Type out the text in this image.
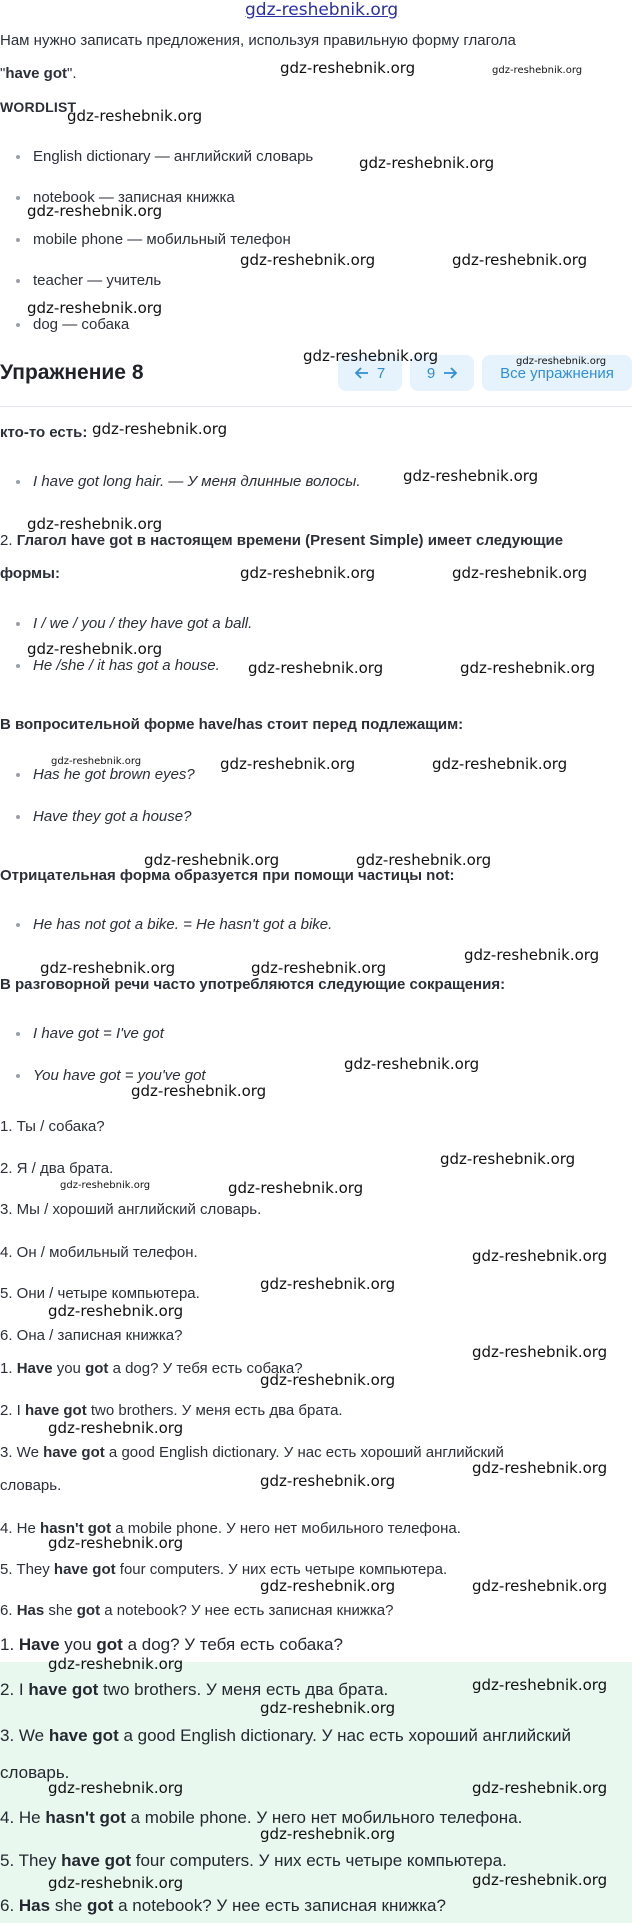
gdz-reshebnik.org
Нам нужно записать предложения, используя правильную форму глагола
"have got".
WORDLIST
English dictionary — английский словарь
notebook — записная книжка
mobile phone — мобильный телефон
teacher — учитель
dog — собака
Упражнение 8	7	9	Все упражнения
кто-то есть:
I have got long hair. — У меня длинные волосы.
2. Глагол have got в настоящем времени (Present Simple) имеет следующие
формы:
I / we / you / they have got a ball.
He /she / it has got a house.
В вопросительной форме have/has стоит перед подлежащим:
Has he got brown eyes?
Have they got a house?
Отрицательная форма образуется при помощи частицы not:
He has not got a bike. = He hasn't got a bike.
В разговорной речи часто употребляются следующие сокращения:
I have got = I've got
You have got = you've got
1. Ты / собака?
2. Я / два брата.
3. Мы / хороший английский словарь.
4. Он / мобильный телефон.
5. Они / четыре компьютера.
6. Она / записная книжка?
1. Have you got a dog? У тебя есть собака?
2. I have got two brothers. У меня есть два брата.
3. We have got a good English dictionary. У нас есть хороший английский
словарь.
4. He hasn't got a mobile phone. У него нет мобильного телефона.
5. They have got four computers. У них есть четыре компьютера.
6. Has she got a notebook? У нее есть записная книжка?
1. Have you got a dog? У тебя есть собака?
2. I have got two brothers. У меня есть два брата.
3. We have got a good English dictionary. У нас есть хороший английский
словарь.
4. He hasn't got a mobile phone. У него нет мобильного телефона.
5. They have got four computers. У них есть четыре компьютера.
6. Has she got a notebook? У нее есть записная книжка?
gdz-reshebnik.org	gdz-reshebnik.org
gdz-reshebnik.org
gdz-reshebnik.org
gdz-reshebnik.org
gdz-reshebnik.org	gdz-reshebnik.org
gdz-reshebnik.org
gdz-reshebnik.org	gdz-reshebnik.org
gdz-reshebnik.org
gdz-reshebnik.org
gdz-reshebnik.org
gdz-reshebnik.org	gdz-reshebnik.org
gdz-reshebnik.org
gdz-reshebnik.org	gdz-reshebnik.org
gdz-reshebnik.org	gdz-reshebnik.org	gdz-reshebnik.org
gdz-reshebnik.org	gdz-reshebnik.org
gdz-reshebnik.org
gdz-reshebnik.org	gdz-reshebnik.org
gdz-reshebnik.org
gdz-reshebnik.org
gdz-reshebnik.org
gdz-reshebnik.org	gdz-reshebnik.org
gdz-reshebnik.org
gdz-reshebnik.org
gdz-reshebnik.org
gdz-reshebnik.org
gdz-reshebnik.org
gdz-reshebnik.org
gdz-reshebnik.org
gdz-reshebnik.org
gdz-reshebnik.org
gdz-reshebnik.org	gdz-reshebnik.org
gdz-reshebnik.org
gdz-reshebnik.org
gdz-reshebnik.org
gdz-reshebnik.org	gdz-reshebnik.org
gdz-reshebnik.org
gdz-reshebnik.org	gdz-reshebnik.org
